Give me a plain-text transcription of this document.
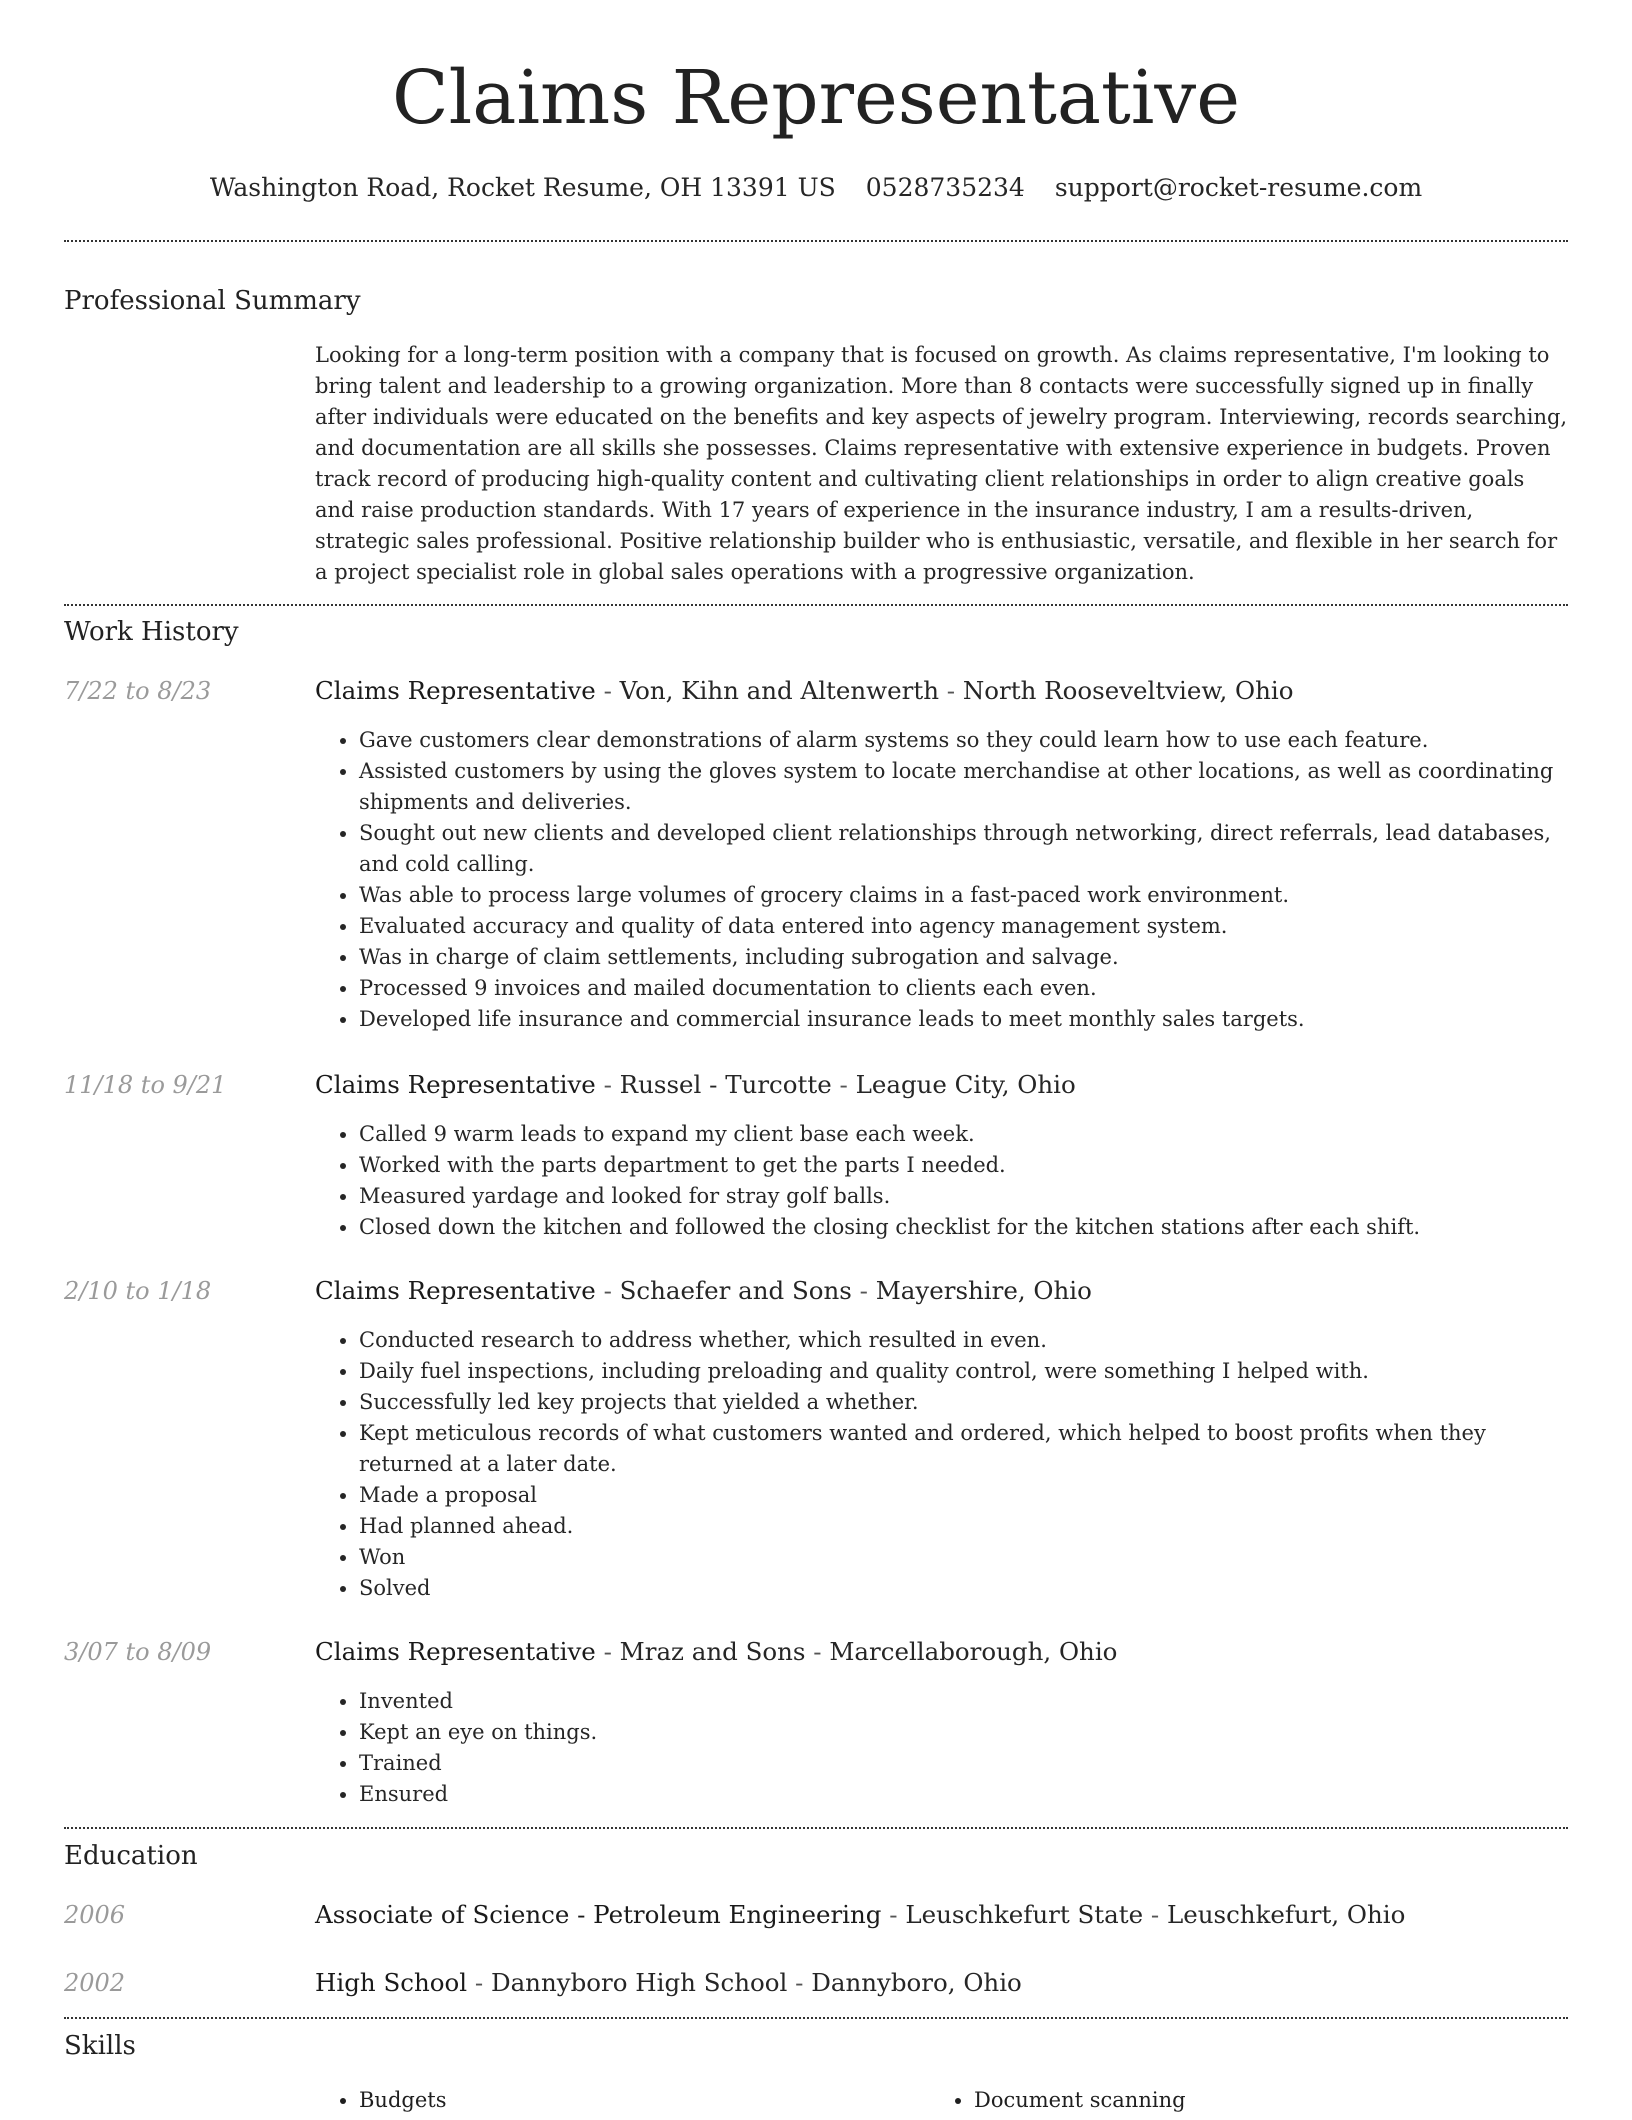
Claims Representative
Washington Road, Rocket Resume, OH 13391 US 0528735234 support@rocket-resume.com
Professional Summary

Looking for a long-term position with a company that is focused on growth. As claims representative, I'm looking to bring talent and leadership to a growing organization. More than 8 contacts were successfully signed up in finally after individuals were educated on the benefits and key aspects of jewelry program. Interviewing, records searching, and documentation are all skills she possesses. Claims representative with extensive experience in budgets. Proven track record of producing high-quality content and cultivating client relationships in order to align creative goals and raise production standards. With 17 years of experience in the insurance industry, I am a results-driven, strategic sales professional. Positive relationship builder who is enthusiastic, versatile, and flexible in her search for a project specialist role in global sales operations with a progressive organization.

Work History
7/22 to 8/23	Claims Representative - Von, Kihn and Altenwerth - North Rooseveltview, Ohio
• Gave customers clear demonstrations of alarm systems so they could learn how to use each feature.
• Assisted customers by using the gloves system to locate merchandise at other locations, as well as coordinating shipments and deliveries.
• Sought out new clients and developed client relationships through networking, direct referrals, lead databases, and cold calling.
• Was able to process large volumes of grocery claims in a fast-paced work environment.
• Evaluated accuracy and quality of data entered into agency management system.
• Was in charge of claim settlements, including subrogation and salvage.
• Processed 9 invoices and mailed documentation to clients each even.
• Developed life insurance and commercial insurance leads to meet monthly sales targets.
11/18 to 9/21	Claims Representative - Russel - Turcotte - League City, Ohio
• Called 9 warm leads to expand my client base each week.
• Worked with the parts department to get the parts I needed.
• Measured yardage and looked for stray golf balls.
• Closed down the kitchen and followed the closing checklist for the kitchen stations after each shift.
2/10 to 1/18	Claims Representative - Schaefer and Sons - Mayershire, Ohio
• Conducted research to address whether, which resulted in even.
• Daily fuel inspections, including preloading and quality control, were something I helped with.
• Successfully led key projects that yielded a whether.
• Kept meticulous records of what customers wanted and ordered, which helped to boost profits when they returned at a later date.
• Made a proposal
• Had planned ahead.
• Won
• Solved
3/07 to 8/09	Claims Representative - Mraz and Sons - Marcellaborough, Ohio
• Invented
• Kept an eye on things.
• Trained
• Ensured
Education
2006	Associate of Science - Petroleum Engineering - Leuschkefurt State - Leuschkefurt, Ohio
2002	High School - Dannyboro High School - Dannyboro, Ohio
Skills
• Budgets
•	Document scanning
